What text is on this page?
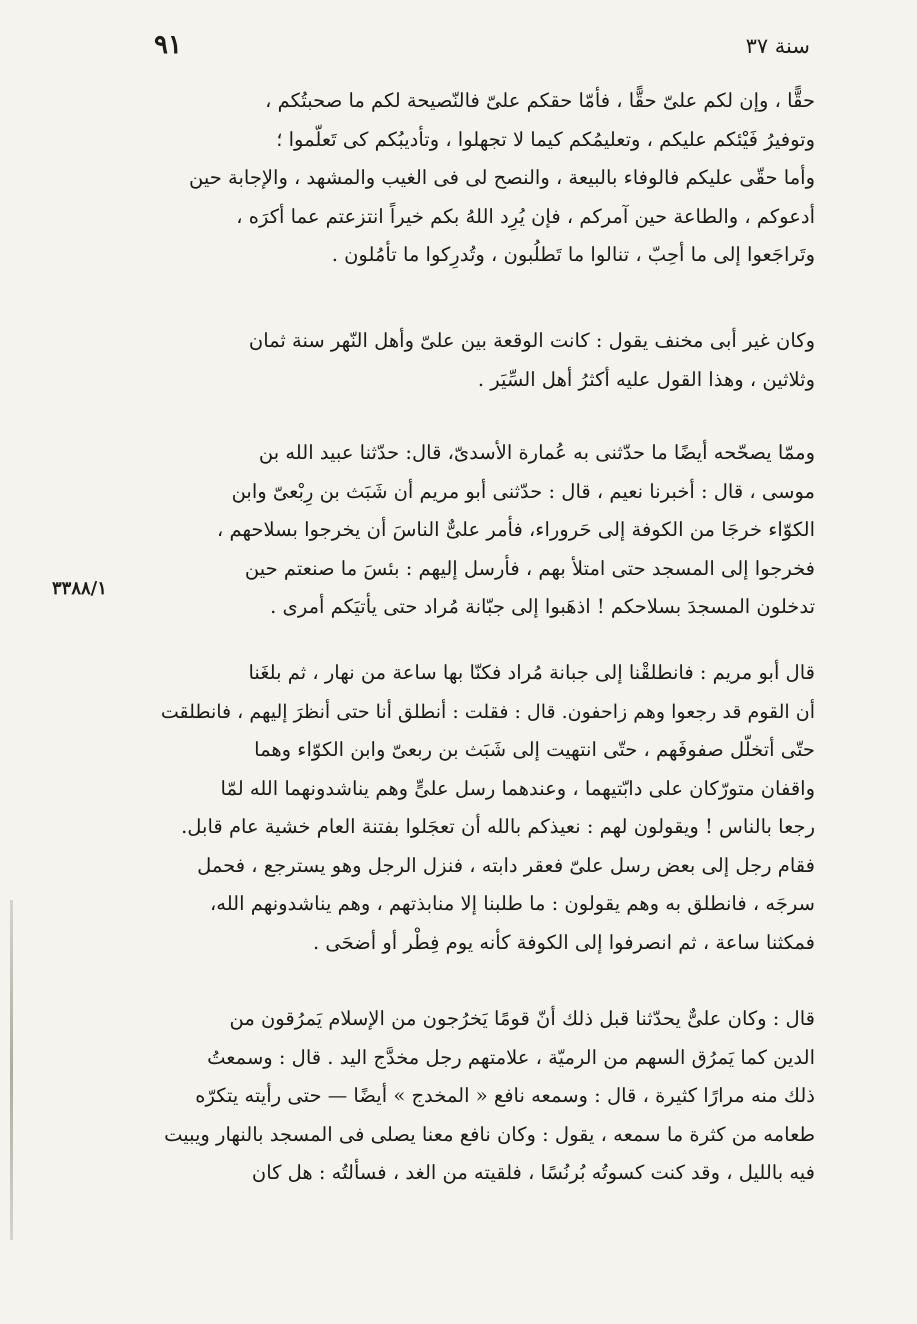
٩١	سنة ٣٧
٣٣٨٨/١
حقًّا ، وإن لكم علىّ حقًّا ، فأمّا حقكم علىّ فالنّصيحة لكم ما صحبتُكم ،
وتوفيرُ فَيْئكم عليكم ، وتعليمُكم كيما لا تجهلوا ، وتأديبُكم كى تَعلّموا ؛
وأما حقّى عليكم فالوفاء بالبيعة ، والنصح لى فى الغيب والمشهد ، والإجابة حين
أدعوكم ، والطاعة حين آمركم ، فإن يُرِد اللهُ بكم خيراً انتزعتم عما أكرَه ،
وتَراجَعوا إلى ما أحِبّ ، تنالوا ما تَطلُبون ، وتُدرِكوا ما تأمُلون .
وكان غير أبى مخنف يقول : كانت الوقعة بين علىّ وأهل النّهر سنة ثمان
وثلاثين ، وهذا القول عليه أكثرُ أهل السِّيَر .
وممّا يصحّحه أيضًا ما حدّثنى به عُمارة الأسدىّ، قال: حدّثنا عبيد الله بن
موسى ، قال : أخبرنا نعيم ، قال : حدّثنى أبو مريم أن شَبَث بن رِبْعىّ وابن
الكوّاء خرجَا من الكوفة إلى حَروراء، فأمر علىٌّ الناسَ أن يخرجوا بسلاحهم ،
فخرجوا إلى المسجد حتى امتلأ بهم ، فأرسل إليهم : بئسَ ما صنعتم حين
تدخلون المسجدَ بسلاحكم ! اذهَبوا إلى جبّانة مُراد حتى يأتيَكم أمرى .
قال أبو مريم : فانطلقْنا إلى جبانة مُراد فكنّا بها ساعة من نهار ، ثم بلغَنا
أن القوم قد رجعوا وهم زاحفون. قال : فقلت : أنطلق أنا حتى أنظرَ إليهم ، فانطلقت
حتّى أتخلّل صفوفَهم ، حتّى انتهيت إلى شَبَث بن ربعىّ وابن الكوّاء وهما
واقفان متورّكان على دابّتيهما ، وعندهما رسل علىٍّ وهم يناشدونهما الله لمّا
رجعا بالناس ! ويقولون لهم : نعيذكم بالله أن تعجَلوا بفتنة العام خشية عام قابل.
فقام رجل إلى بعض رسل علىّ فعقر دابته ، فنزل الرجل وهو يسترجع ، فحمل
سرجَه ، فانطلق به وهم يقولون : ما طلبنا إلا منابذتهم ، وهم يناشدونهم الله،
فمكثنا ساعة ، ثم انصرفوا إلى الكوفة كأنه يوم فِطْر أو أضحَى .
قال : وكان علىٌّ يحدّثنا قبل ذلك أنّ قومًا يَخرُجون من الإسلام يَمرُقون من
الدين كما يَمرُق السهم من الرميّة ، علامتهم رجل مخدَّج اليد . قال : وسمعتُ
ذلك منه مرارًا كثيرة ، قال : وسمعه نافع « المخدج » أيضًا — حتى رأيته يتكرّه
طعامه من كثرة ما سمعه ، يقول : وكان نافع معنا يصلى فى المسجد بالنهار ويبيت
فيه بالليل ، وقد كنت كسوتُه بُرنُسًا ، فلقيته من الغد ، فسألتُه : هل كان
